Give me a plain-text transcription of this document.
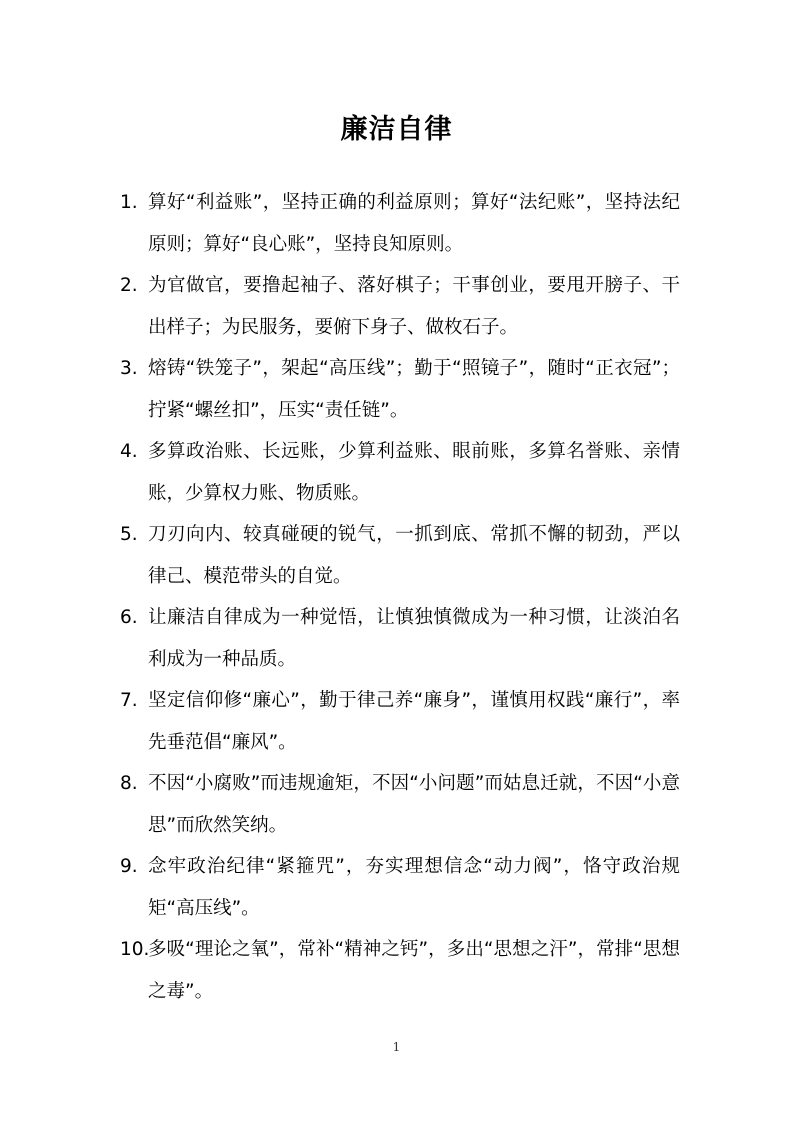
廉洁自律
1. 算好“利益账”，坚持正确的利益原则；算好“法纪账”，坚持法纪原则；算好“良心账”，坚持良知原则。
2. 为官做官，要撸起袖子、落好棋子；干事创业，要甩开膀子、干出样子；为民服务，要俯下身子、做枚石子。
3. 熔铸“铁笼子”，架起“高压线”；勤于“照镜子”，随时“正衣冠”；拧紧“螺丝扣”，压实“责任链”。
4. 多算政治账、长远账，少算利益账、眼前账，多算名誉账、亲情账，少算权力账、物质账。
5. 刀刃向内、较真碰硬的锐气，一抓到底、常抓不懈的韧劲，严以律己、模范带头的自觉。
6. 让廉洁自律成为一种觉悟，让慎独慎微成为一种习惯，让淡泊名利成为一种品质。
7. 坚定信仰修“廉心”，勤于律己养“廉身”，谨慎用权践“廉行”，率先垂范倡“廉风”。
8. 不因“小腐败”而违规逾矩，不因“小问题”而姑息迁就，不因“小意思”而欣然笑纳。
9. 念牢政治纪律“紧箍咒”，夯实理想信念“动力阀”，恪守政治规矩“高压线”。
10.
多吸“理论之氧”，常补“精神之钙”，多出“思想之汗”，常排“思想之毒”。
1
